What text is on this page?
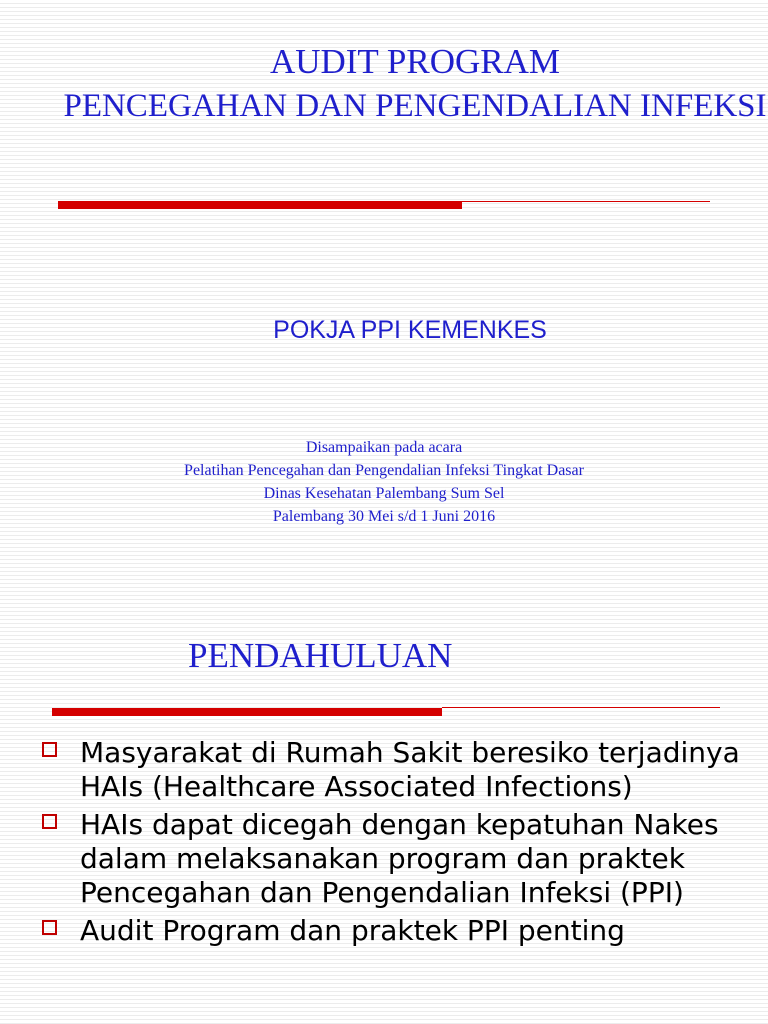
AUDIT PROGRAM
PENCEGAHAN DAN PENGENDALIAN INFEKSI
POKJA PPI KEMENKES
Disampaikan pada acara
Pelatihan Pencegahan dan Pengendalian Infeksi Tingkat Dasar
Dinas Kesehatan Palembang Sum Sel
Palembang 30 Mei s/d 1 Juni 2016
PENDAHULUAN
Masyarakat di Rumah Sakit beresiko terjadinya HAIs (Healthcare Associated Infections)
HAIs dapat dicegah dengan kepatuhan Nakes dalam melaksanakan program dan praktek Pencegahan dan Pengendalian Infeksi (PPI)
Audit Program dan praktek PPI penting
